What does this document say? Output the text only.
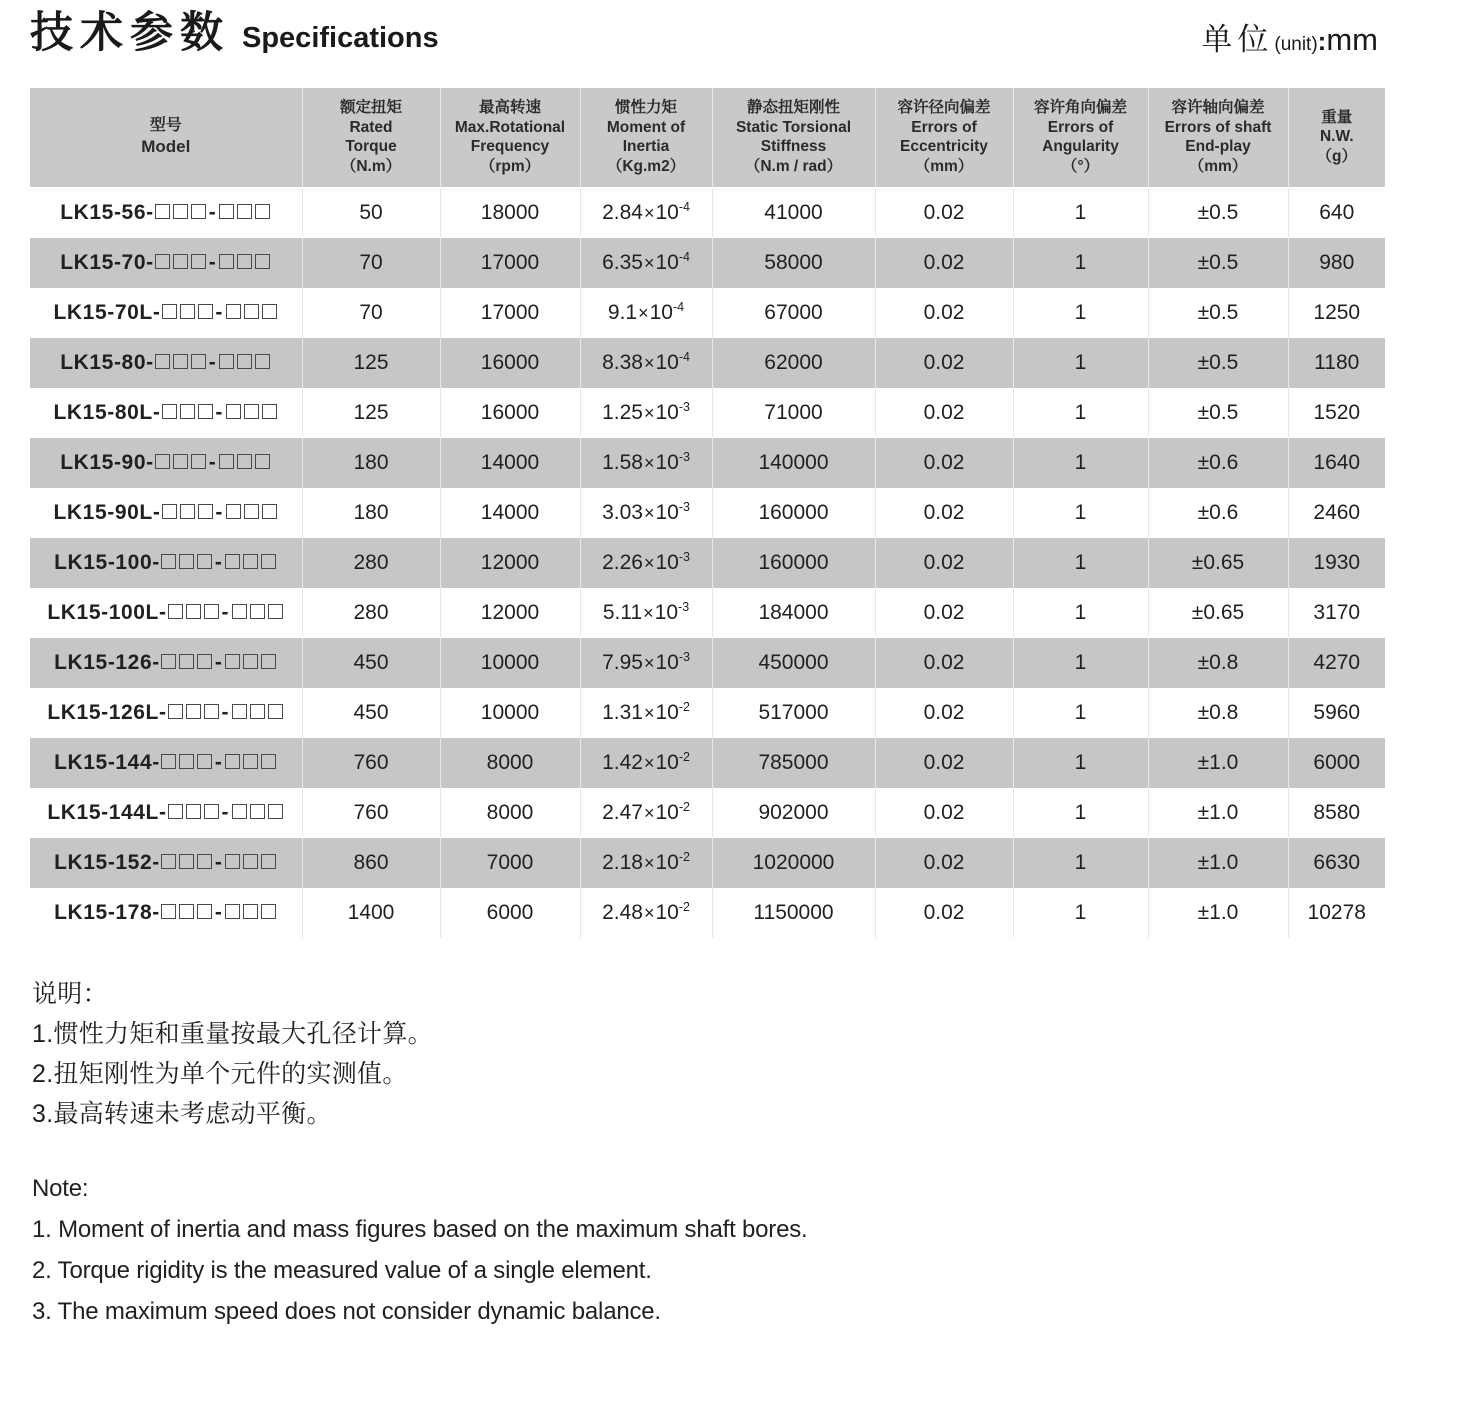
技术参数 Specifications	单位 (unit) : mm
型号
Model	额定扭矩
Rated
Torque
（N.m）	最高转速
Max.Rotational
Frequency
（rpm）	惯性力矩
Moment of
Inertia
（Kg.m2）	静态扭矩刚性
Static Torsional
Stiffness
（N.m / rad）	容许径向偏差
Errors of
Eccentricity
（mm）	容许角向偏差
Errors of
Angularity
（°）	容许轴向偏差
Errors of shaft
End-play
（mm）	重量
N.W.
（g）

LK15-56- -	50	18000	$2.84\times 10^{-4}$	41000	0.02	1	±0.5	640
LK15-70- -	70	17000	$6.35\times 10^{-4}$	58000	0.02	1	±0.5	980
LK15-70L- -	70	17000	$9.1\times 10^{-4}$	67000	0.02	1	±0.5	1250
LK15-80- -	125	16000	$8.38\times 10^{-4}$	62000	0.02	1	±0.5	1180
LK15-80L- -	125	16000	$1.25\times 10^{-3}$	71000	0.02	1	±0.5	1520
LK15-90- -	180	14000	$1.58\times 10^{-3}$	140000	0.02	1	±0.6	1640
LK15-90L- -	180	14000	$3.03\times 10^{-3}$	160000	0.02	1	±0.6	2460
LK15-100- -	280	12000	$2.26\times 10^{-3}$	160000	0.02	1	±0.65	1930
LK15-100L- -	280	12000	$5.11\times 10^{-3}$	184000	0.02	1	±0.65	3170
LK15-126- -	450	10000	$7.95\times 10^{-3}$	450000	0.02	1	±0.8	4270
LK15-126L- -	450	10000	$1.31\times 10^{-2}$	517000	0.02	1	±0.8	5960
LK15-144- -	760	8000	$1.42\times 10^{-2}$	785000	0.02	1	±1.0	6000
LK15-144L- -	760	8000	$2.47\times 10^{-2}$	902000	0.02	1	±1.0	8580
LK15-152- -	860	7000	$2.18\times 10^{-2}$	1020000	0.02	1	±1.0	6630
LK15-178- -	1400	6000	$2.48\times 10^{-2}$	1150000	0.02	1	±1.0	10278
说明：
1.惯性力矩和重量按最大孔径计算。
2.扭矩刚性为单个元件的实测值。
3.最高转速未考虑动平衡。
Note:
1. Moment of inertia and mass figures based on the maximum shaft bores.
2. Torque rigidity is the measured value of a single element.
3. The maximum speed does not consider dynamic balance.
